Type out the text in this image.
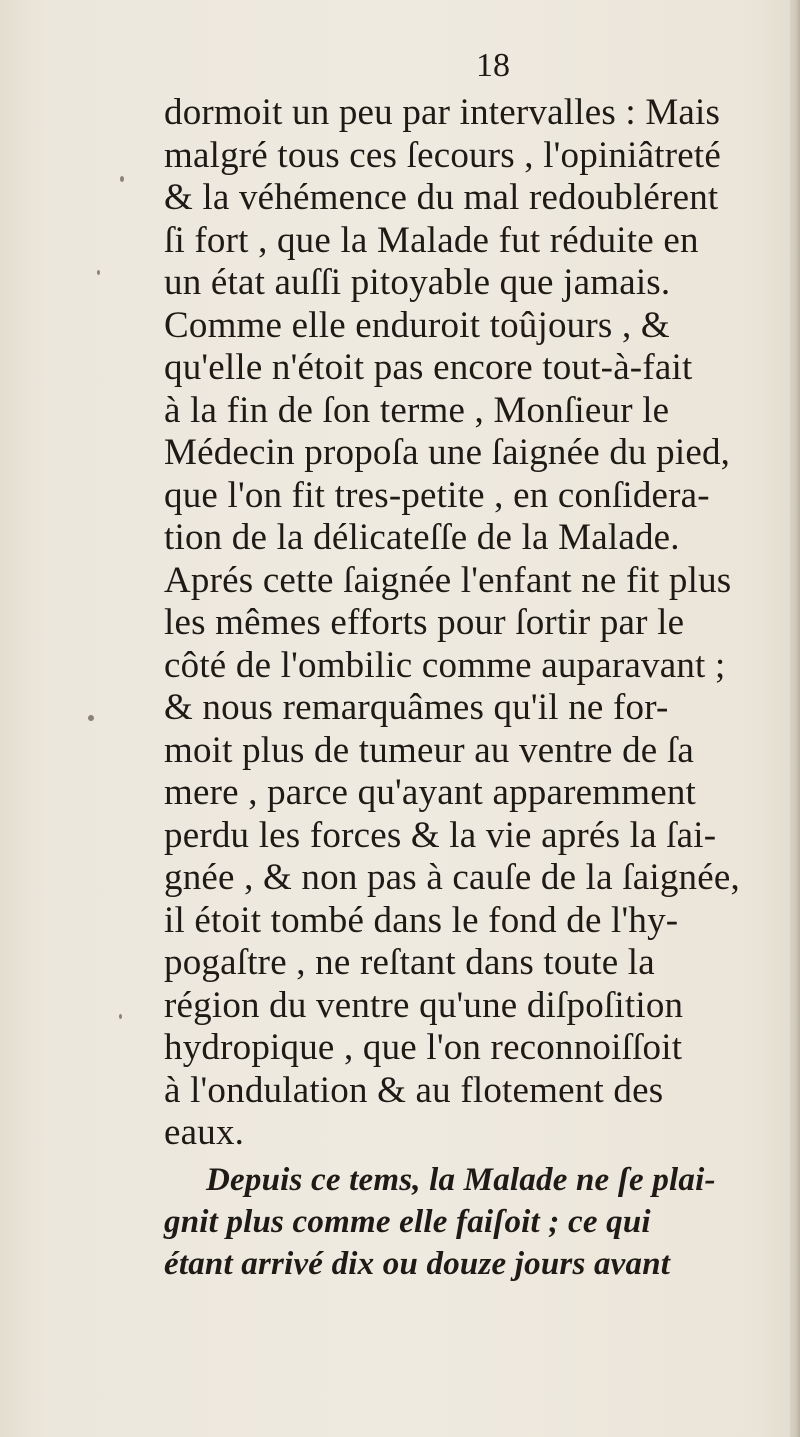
18
dormoit un peu par intervalles : Mais
malgré tous ces ſecours , l'opiniâtreté
& la véhémence du mal redoublérent
ſi fort , que la Malade fut réduite en
un état auſſi pitoyable que jamais.
Comme elle enduroit toûjours , &
qu'elle n'étoit pas encore tout-à-fait
à la fin de ſon terme , Monſieur le
Médecin propoſa une ſaignée du pied,
que l'on fit tres-petite , en conſidera-
tion de la délicateſſe de la Malade.
Aprés cette ſaignée l'enfant ne fit plus
les mêmes efforts pour ſortir par le
côté de l'ombilic comme auparavant ;
& nous remarquâmes qu'il ne for-
moit plus de tumeur au ventre de ſa
mere , parce qu'ayant apparemment
perdu les forces & la vie aprés la ſai-
gnée , & non pas à cauſe de la ſaignée,
il étoit tombé dans le fond de l'hy-
pogaſtre , ne reſtant dans toute la
région du ventre qu'une diſpoſition
hydropique , que l'on reconnoiſſoit
à l'ondulation & au flotement des
eaux.
Depuis ce tems, la Malade ne ſe plai-
gnit plus comme elle faiſoit ; ce qui
étant arrivé dix ou douze jours avant
